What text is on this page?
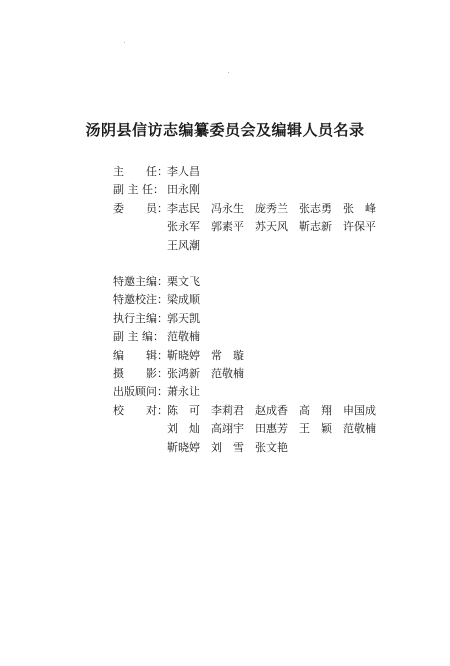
汤阴县信访志编纂委员会及编辑人员名录
主　　任： 李人昌
副 主 任： 田永刚
委　　员： 李志民	冯永生	庞秀兰	张志勇	张　峰
张永军	郭素平	苏天风	靳志新	许保平
王风潮
特邀主编： 栗文飞
特邀校注： 梁成顺
执行主编： 郭天凯
副 主 编： 范敬楠
编　　辑： 靳晓婷	常　璇
摄　　影： 张鸿新	范敬楠
出版顾问： 萧永让
校　　对： 陈　可	李莉君	赵成香	高　翔	申国成
刘　灿	高翊宇	田惠芳	王　颖	范敬楠
靳晓婷	刘　雪	张文艳
